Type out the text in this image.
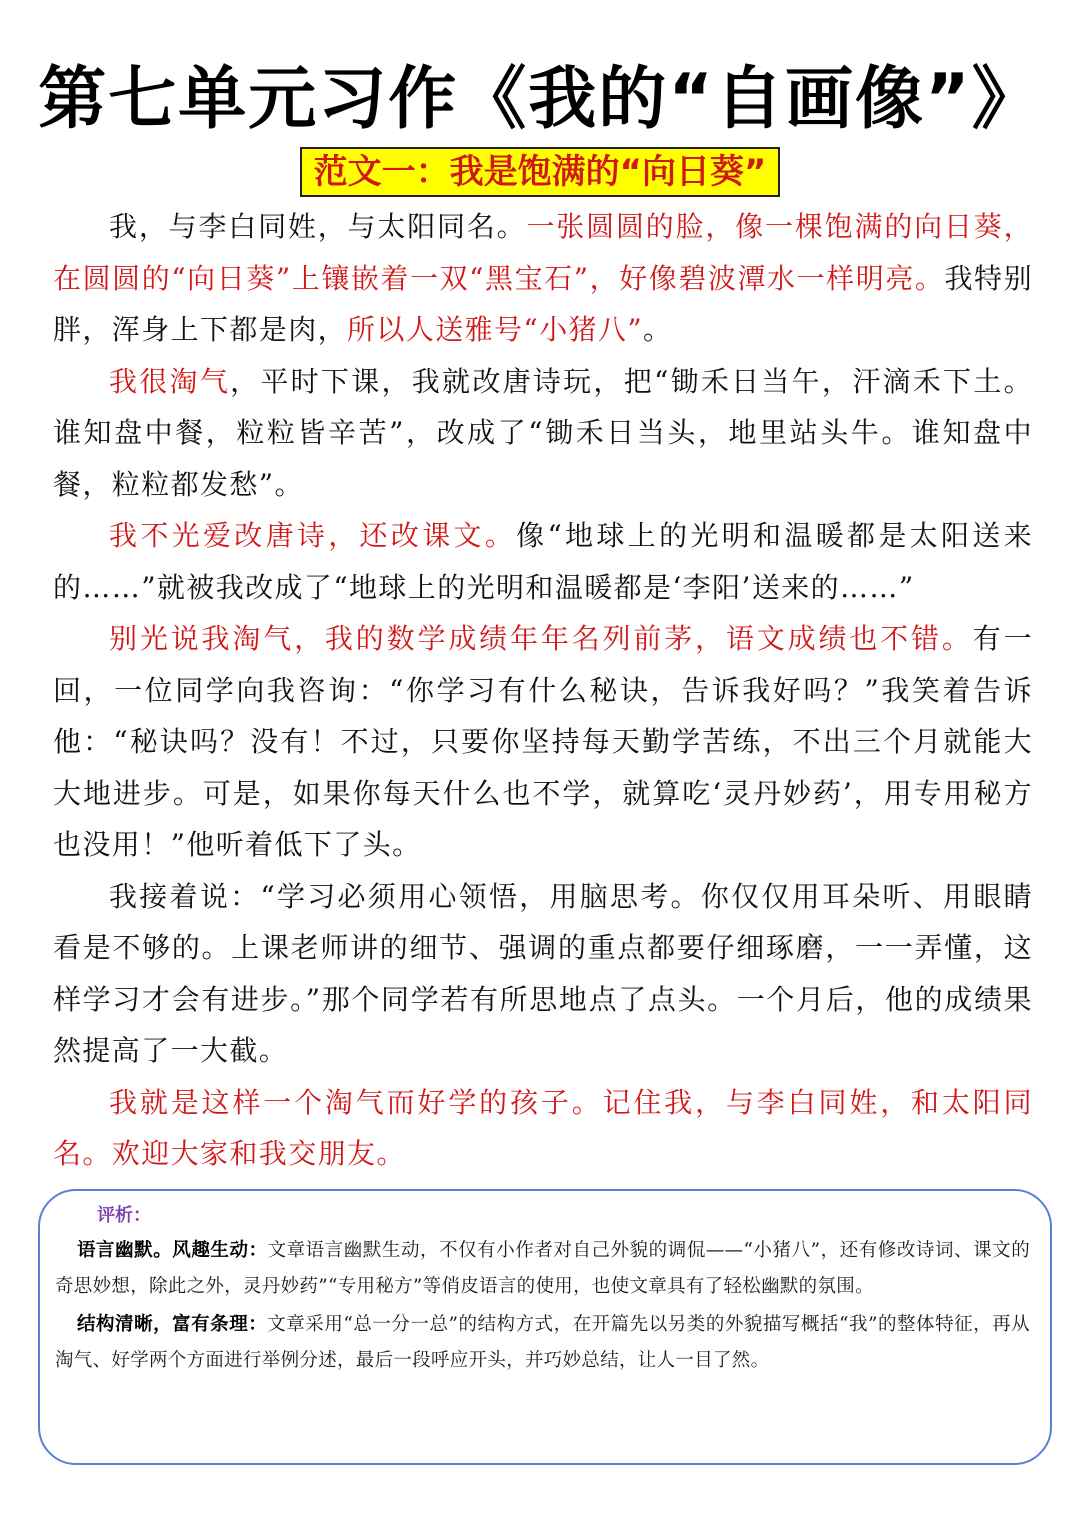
第七单元习作《我的“自画像”》
范文一：我是饱满的“向日葵”

我，与李白同姓，与太阳同名。一张圆圆的脸，像一棵饱满的向日葵，在圆圆的“向日葵”上镶嵌着一双“黑宝石”，好像碧波潭水一样明亮。我特别胖，浑身上下都是肉，所以人送雅号“小猪八”。

我很淘气，平时下课，我就改唐诗玩，把“锄禾日当午，汗滴禾下土。谁知盘中餐，粒粒皆辛苦”，改成了“锄禾日当头，地里站头牛。谁知盘中餐，粒粒都发愁”。

我不光爱改唐诗，还改课文。像“地球上的光明和温暖都是太阳送来的……”就被我改成了“地球上的光明和温暖都是‘李阳’送来的……”

别光说我淘气，我的数学成绩年年名列前茅，语文成绩也不错。有一回，一位同学向我咨询：“你学习有什么秘诀，告诉我好吗？”我笑着告诉他：“秘诀吗？没有！不过，只要你坚持每天勤学苦练，不出三个月就能大大地进步。可是，如果你每天什么也不学，就算吃‘灵丹妙药’，用专用秘方也没用！”他听着低下了头。

我接着说：“学习必须用心领悟，用脑思考。你仅仅用耳朵听、用眼睛看是不够的。上课老师讲的细节、强调的重点都要仔细琢磨，一一弄懂，这样学习才会有进步。”那个同学若有所思地点了点头。一个月后，他的成绩果然提高了一大截。

我就是这样一个淘气而好学的孩子。记住我，与李白同姓，和太阳同名。欢迎大家和我交朋友。

评析：

语言幽默。风趣生动：文章语言幽默生动，不仅有小作者对自己外貌的调侃——“小猪八”，还有修改诗词、课文的奇思妙想，除此之外，灵丹妙药”“专用秘方”等俏皮语言的使用，也使文章具有了轻松幽默的氛围。

结构清晰，富有条理：文章采用“总一分一总”的结构方式，在开篇先以另类的外貌描写概括“我”的整体特征，再从淘气、好学两个方面进行举例分述，最后一段呼应开头，并巧妙总结，让人一目了然。
